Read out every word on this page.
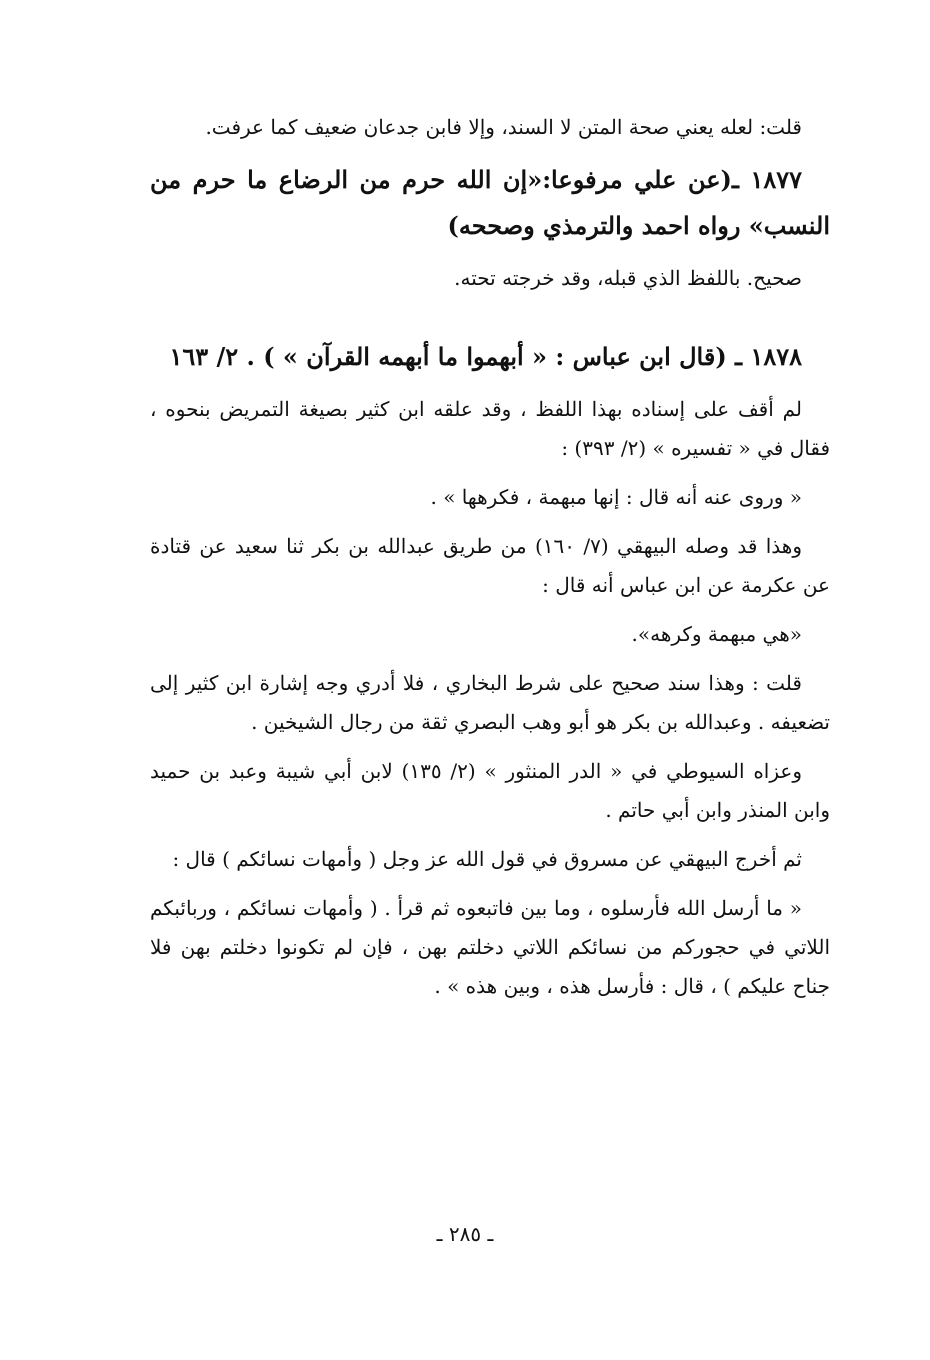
قلت: لعله يعني صحة المتن لا السند، وإلا فابن جدعان ضعيف كما عرفت.

١٨٧٧ ـ(عن علي مرفوعا:«إن الله حرم من الرضاع ما حرم من النسب» رواه احمد والترمذي وصححه)

صحيح. باللفظ الذي قبله، وقد خرجته تحته.

١٨٧٨ ـ (قال ابن عباس : « أبهموا ما أبهمه القرآن » ) . ٢/ ١٦٣

لم أقف على إسناده بهذا اللفظ ، وقد علقه ابن كثير بصيغة التمريض بنحوه ، فقال في « تفسيره » (٢/ ٣٩٣) :

« وروى عنه أنه قال : إنها مبهمة ، فكرهها » .

وهذا قد وصله البيهقي (٧/ ١٦٠) من طريق عبدالله بن بكر ثنا سعيد عن قتادة عن عكرمة عن ابن عباس أنه قال :

«هي مبهمة وكرهه».

قلت : وهذا سند صحيح على شرط البخاري ، فلا أدري وجه إشارة ابن كثير إلى تضعيفه . وعبدالله بن بكر هو أبو وهب البصري ثقة من رجال الشيخين .

وعزاه السيوطي في « الدر المنثور » (٢/ ١٣٥) لابن أبي شيبة وعبد بن حميد وابن المنذر وابن أبي حاتم .

ثم أخرج البيهقي عن مسروق في قول الله عز وجل ( وأمهات نسائكم ) قال :

« ما أرسل الله فأرسلوه ، وما بين فاتبعوه ثم قرأ . ( وأمهات نسائكم ، وربائبكم اللاتي في حجوركم من نسائكم اللاتي دخلتم بهن ، فإن لم تكونوا دخلتم بهن فلا جناح عليكم ) ، قال : فأرسل هذه ، وبين هذه » .

ـ ٢٨٥ ـ
